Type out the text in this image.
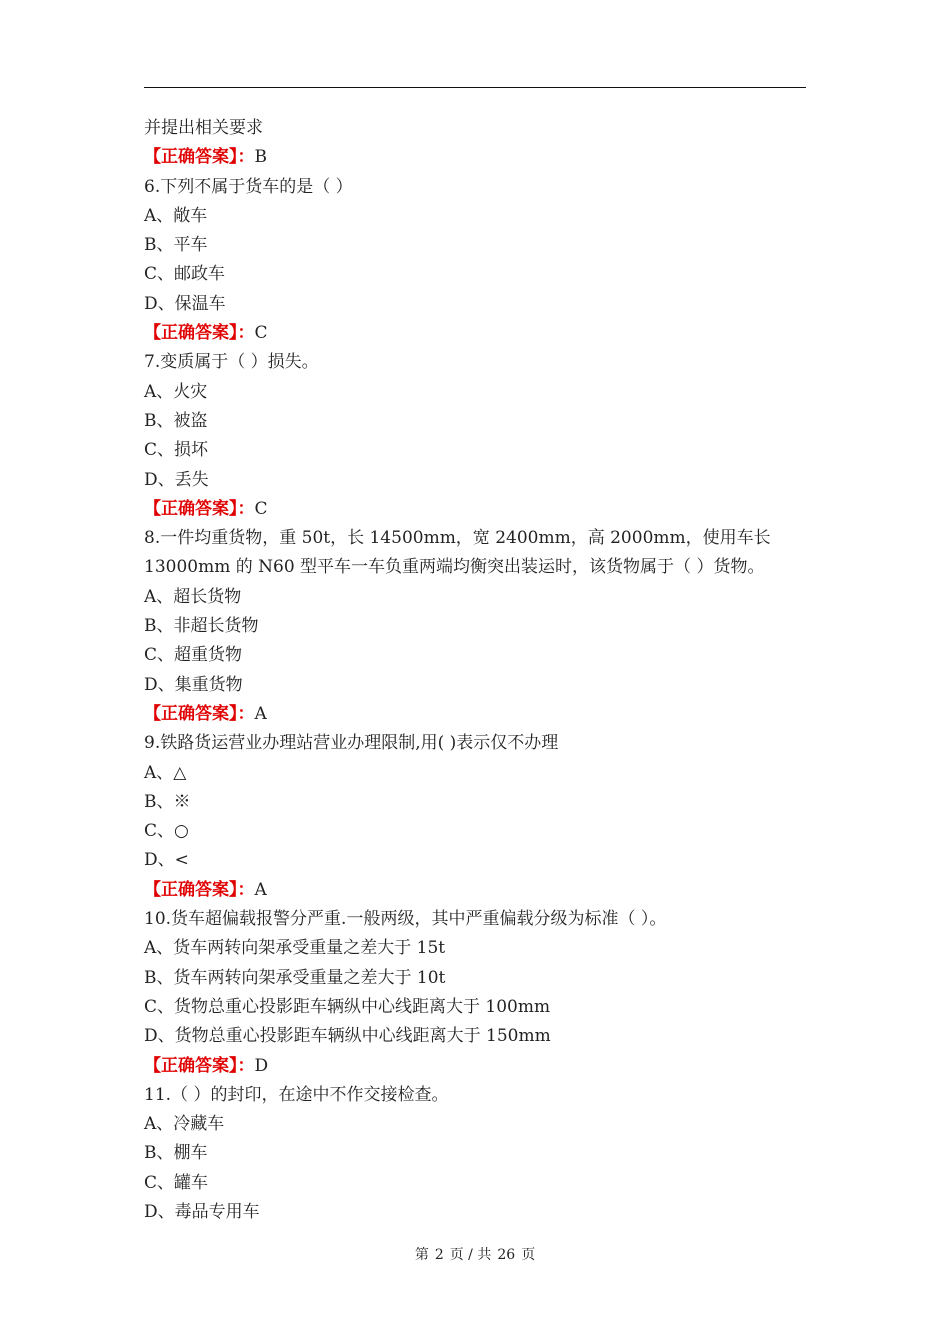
并提出相关要求
【正确答案】：B
6.下列不属于货车的是（ ）
A、敞车
B、平车
C、邮政车
D、保温车
【正确答案】：C
7.变质属于（ ）损失。
A、火灾
B、被盗
C、损坏
D、丢失
【正确答案】：C
8.一件均重货物，重 50t，长 14500mm，宽 2400mm，高 2000mm，使用车长
13000mm 的 N60 型平车一车负重两端均衡突出装运时，该货物属于（ ）货物。
A、超长货物
B、非超长货物
C、超重货物
D、集重货物
【正确答案】：A
9.铁路货运营业办理站营业办理限制,用( )表示仅不办理
A、△
B、※
C、○
D、<
【正确答案】：A
10.货车超偏载报警分严重.一般两级，其中严重偏载分级为标准（ ）。
A、货车两转向架承受重量之差大于 15t
B、货车两转向架承受重量之差大于 10t
C、货物总重心投影距车辆纵中心线距离大于 100mm
D、货物总重心投影距车辆纵中心线距离大于 150mm
【正确答案】：D
11.（ ）的封印，在途中不作交接检查。
A、冷藏车
B、棚车
C、罐车
D、毒品专用车
第 2 页 / 共 26 页
